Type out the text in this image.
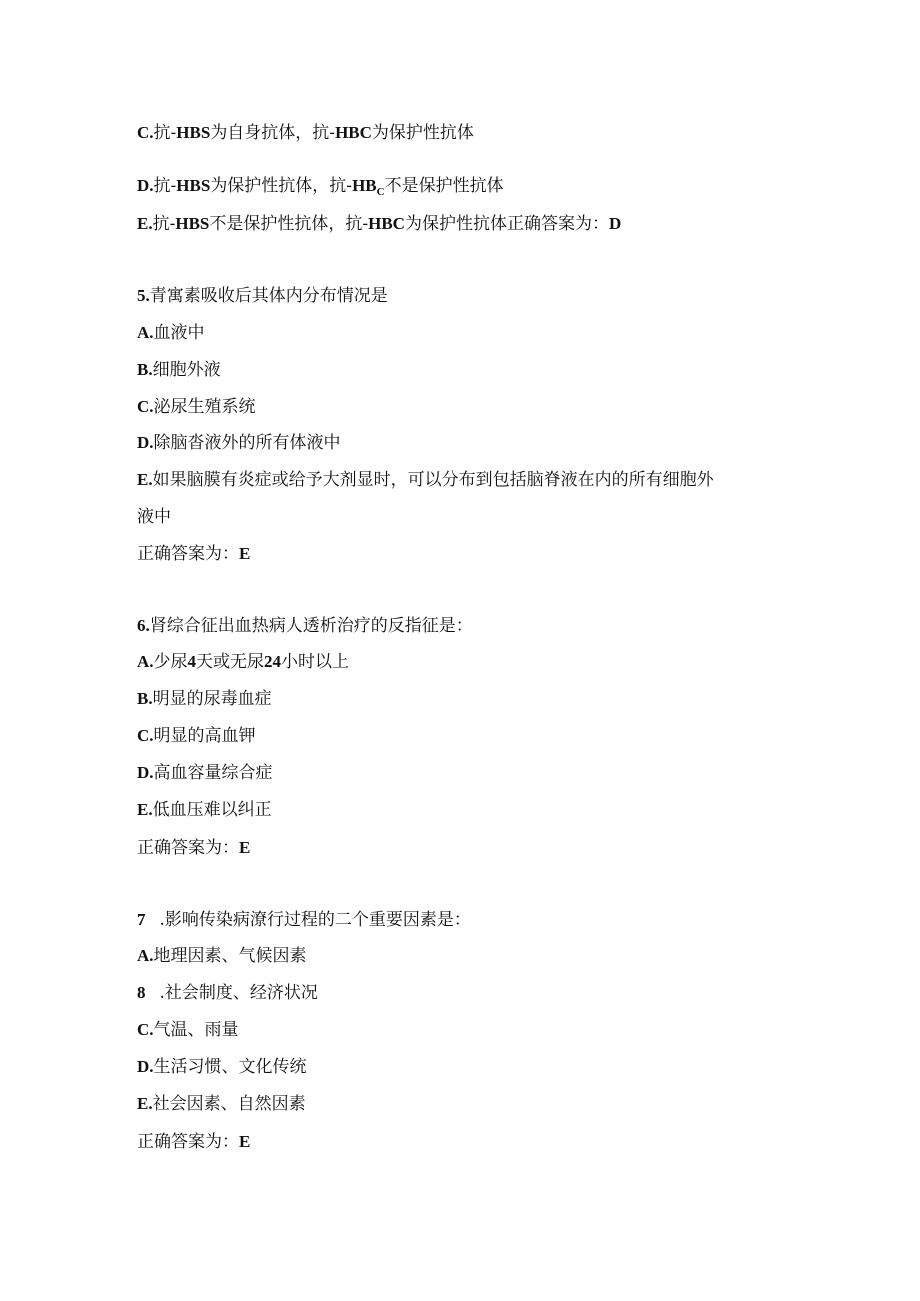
C.抗-HBS为自身抗体，抗-HBC为保护性抗体
D.抗-HBS为保护性抗体，抗$-HB_C$不是保护性抗体
E.抗-HBS不是保护性抗体，抗-HBC为保护性抗体正确答案为：D
5.青寓素吸收后其体内分布情况是
A.血液中
B.细胞外液
C.泌尿生殖系统
D.除脑沓液外的所有体液中
E.如果脑膜有炎症或给予大剂显时，可以分布到包括脑脊液在内的所有细胞外
液中
正确答案为：E
6.肾综合征出血热病人透析治疗的反指征是：
A.少尿4天或无尿24小时以上
B.明显的尿毒血症
C.明显的高血钾
D.高血容量综合症
E.低血压难以纠正
正确答案为：E
7 .影响传染病潦行过程的二个重要因素是：
A.地理因素、气候因素
8 .社会制度、经济状况
C.气温、雨量
D.生活习惯、文化传统
E.社会因素、自然因素
正确答案为：E
